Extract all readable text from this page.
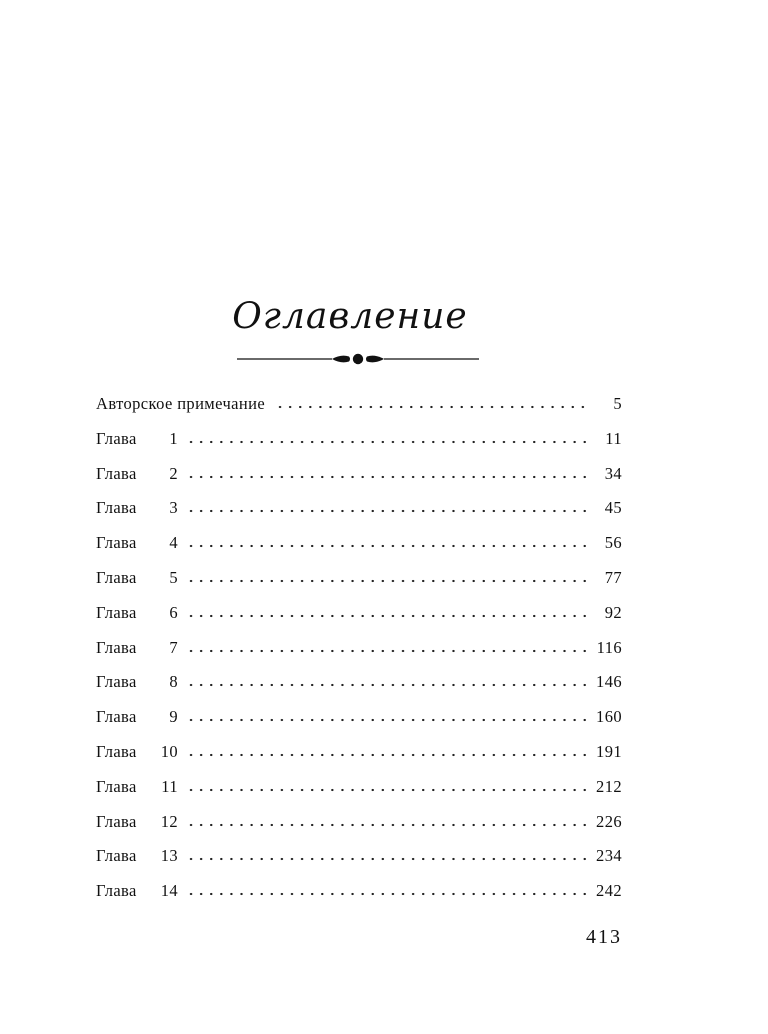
Оглавление
Авторское примечание	5
Глава	1	11
Глава	2	34
Глава	3	45
Глава	4	56
Глава	5	77
Глава	6	92
Глава	7	116
Глава	8	146
Глава	9	160
Глава 10	191
Глава 11	212
Глава 12	226
Глава 13	234
Глава 14	242
413
